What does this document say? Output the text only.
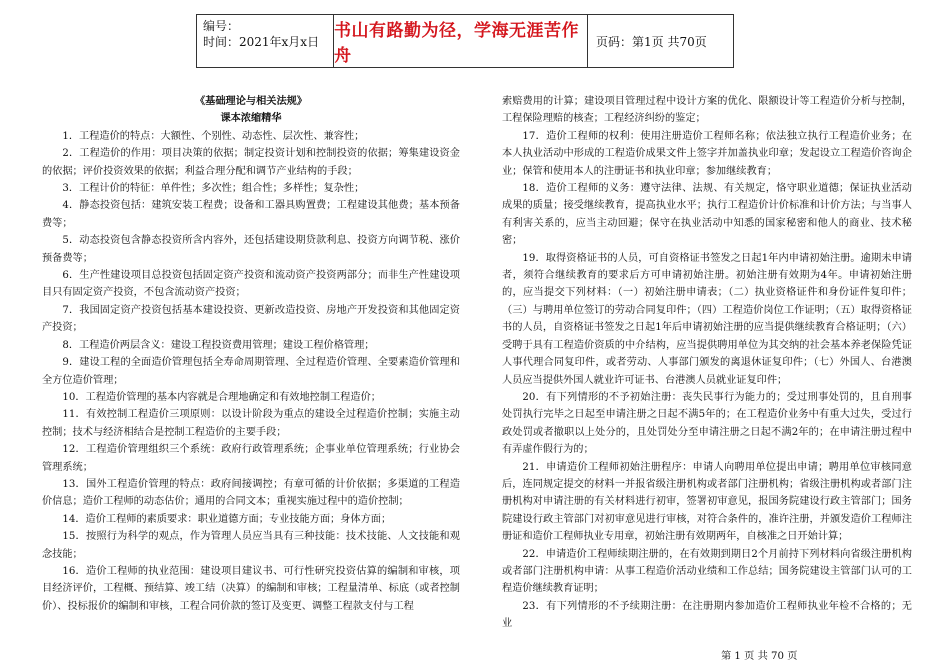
编号：
时间：2021年x月x日
书山有路勤为径，学海无涯苦作舟
页码：第1页 共70页

《基础理论与相关法规》

课本浓缩精华

1．工程造价的特点：大额性、个别性、动态性、层次性、兼容性；

2．工程造价的作用：项目决策的依据；制定投资计划和控制投资的依据；筹集建设资金的依据；评价投资效果的依据；利益合理分配和调节产业结构的手段；

3．工程计价的特征：单件性；多次性；组合性；多样性；复杂性；

4．静态投资包括：建筑安装工程费；设备和工器具购置费；工程建设其他费；基本预备费等；

5．动态投资包含静态投资所含内容外，还包括建设期贷款利息、投资方向调节税、涨价预备费等；

6．生产性建设项目总投资包括固定资产投资和流动资产投资两部分；而非生产性建设项目只有固定资产投资，不包含流动资产投资；

7．我国固定资产投资包括基本建设投资、更新改造投资、房地产开发投资和其他固定资产投资；

8．工程造价两层含义：建设工程投资费用管理；建设工程价格管理；

9．建设工程的全面造价管理包括全寿命周期管理、全过程造价管理、全要素造价管理和全方位造价管理；

10．工程造价管理的基本内容就是合理地确定和有效地控制工程造价；

11．有效控制工程造价三项原则：以设计阶段为重点的建设全过程造价控制；实施主动控制；技术与经济相结合是控制工程造价的主要手段；

12．工程造价管理组织三个系统：政府行政管理系统；企事业单位管理系统；行业协会管理系统；

13．国外工程造价管理的特点：政府间接调控；有章可循的计价依据；多渠道的工程造价信息；造价工程师的动态估价；通用的合同文本；重视实施过程中的造价控制；

14．造价工程师的素质要求：职业道德方面；专业技能方面；身体方面；

15．按照行为科学的观点，作为管理人员应当具有三种技能：技术技能、人文技能和观念技能；

16．造价工程师的执业范围：建设项目建议书、可行性研究投资估算的编制和审核，项目经济评价，工程概、预结算、竣工结（决算）的编制和审核；工程量清单、标底（或者控制价）、投标报价的编制和审核，工程合同价款的签订及变更、调整工程款支付与工程

索赔费用的计算；建设项目管理过程中设计方案的优化、限额设计等工程造价分析与控制，工程保险理赔的核查；工程经济纠纷的鉴定；

17．造价工程师的权利：使用注册造价工程师名称；依法独立执行工程造价业务；在本人执业活动中形成的工程造价成果文件上签字并加盖执业印章；发起设立工程造价咨询企业；保管和使用本人的注册证书和执业印章；参加继续教育；

18．造价工程师的义务：遵守法律、法规、有关规定，恪守职业道德；保证执业活动成果的质量；接受继续教育，提高执业水平；执行工程造价计价标准和计价方法；与当事人有利害关系的，应当主动回避；保守在执业活动中知悉的国家秘密和他人的商业、技术秘密；

19．取得资格证书的人员，可自资格证书签发之日起1年内申请初始注册。逾期未申请者，须符合继续教育的要求后方可申请初始注册。初始注册有效期为4年。申请初始注册的，应当提交下列材料：（一）初始注册申请表；（二）执业资格证件和身份证件复印件；（三）与聘用单位签订的劳动合同复印件；（四）工程造价岗位工作证明；（五）取得资格证书的人员，自资格证书签发之日起1年后申请初始注册的应当提供继续教育合格证明；（六）受聘于具有工程造价资质的中介结构，应当提供聘用单位为其交纳的社会基本养老保险凭证人事代理合同复印件，或者劳动、人事部门颁发的离退休证复印件；（七）外国人、台港澳人员应当提供外国人就业许可证书、台港澳人员就业证复印件；

20．有下列情形的不予初始注册：丧失民事行为能力的；受过刑事处罚的，且自刑事处罚执行完毕之日起至申请注册之日起不满5年的；在工程造价业务中有重大过失，受过行政处罚或者撤职以上处分的，且处罚处分至申请注册之日起不满2年的；在申请注册过程中有弄虚作假行为的；

21．申请造价工程师初始注册程序：申请人向聘用单位提出申请；聘用单位审核同意后，连同规定提交的材料一并报省级注册机构或者部门注册机构；省级注册机构或者部门注册机构对申请注册的有关材料进行初审，签署初审意见，报国务院建设行政主管部门；国务院建设行政主管部门对初审意见进行审核，对符合条件的，准许注册，并颁发造价工程师注册证和造价工程师执业专用章，初始注册有效期两年，自核准之日开始计算；

22．申请造价工程师续期注册的，在有效期到期日2个月前持下列材料向省级注册机构或者部门注册机构申请：从事工程造价活动业绩和工作总结；国务院建设主管部门认可的工程造价继续教育证明；

23．有下列情形的不予续期注册：在注册期内参加造价工程师执业年检不合格的；无业

第 1 页 共 70 页
